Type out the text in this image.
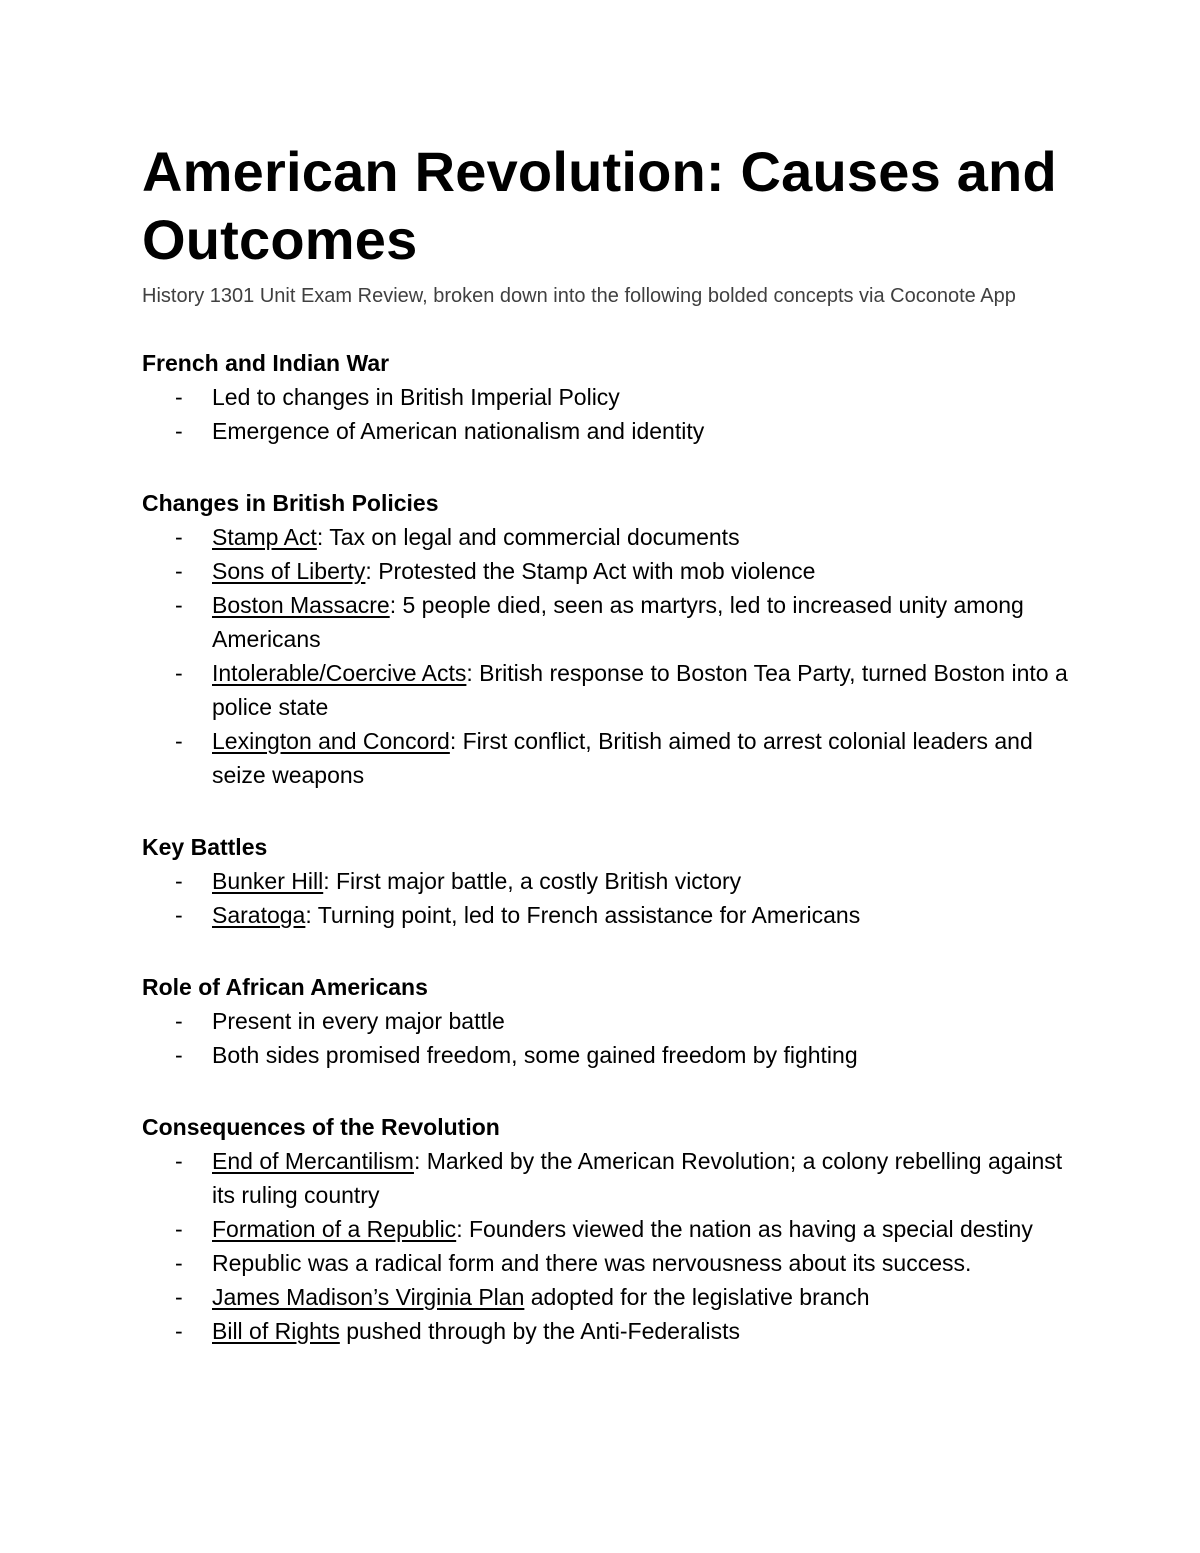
American Revolution: Causes and Outcomes

History 1301 Unit Exam Review, broken down into the following bolded concepts via Coconote App

French and Indian War
- Led to changes in British Imperial Policy
- Emergence of American nationalism and identity
Changes in British Policies
- Stamp Act: Tax on legal and commercial documents
- Sons of Liberty: Protested the Stamp Act with mob violence
- Boston Massacre: 5 people died, seen as martyrs, led to increased unity among Americans
- Intolerable/Coercive Acts: British response to Boston Tea Party, turned Boston into a police state
- Lexington and Concord: First conflict, British aimed to arrest colonial leaders and seize weapons
Key Battles
- Bunker Hill: First major battle, a costly British victory
- Saratoga: Turning point, led to French assistance for Americans
Role of African Americans
- Present in every major battle
- Both sides promised freedom, some gained freedom by fighting
Consequences of the Revolution
- End of Mercantilism: Marked by the American Revolution; a colony rebelling against its ruling country
- Formation of a Republic: Founders viewed the nation as having a special destiny
- Republic was a radical form and there was nervousness about its success.
- James Madison’s Virginia Plan adopted for the legislative branch
- Bill of Rights pushed through by the Anti-Federalists
